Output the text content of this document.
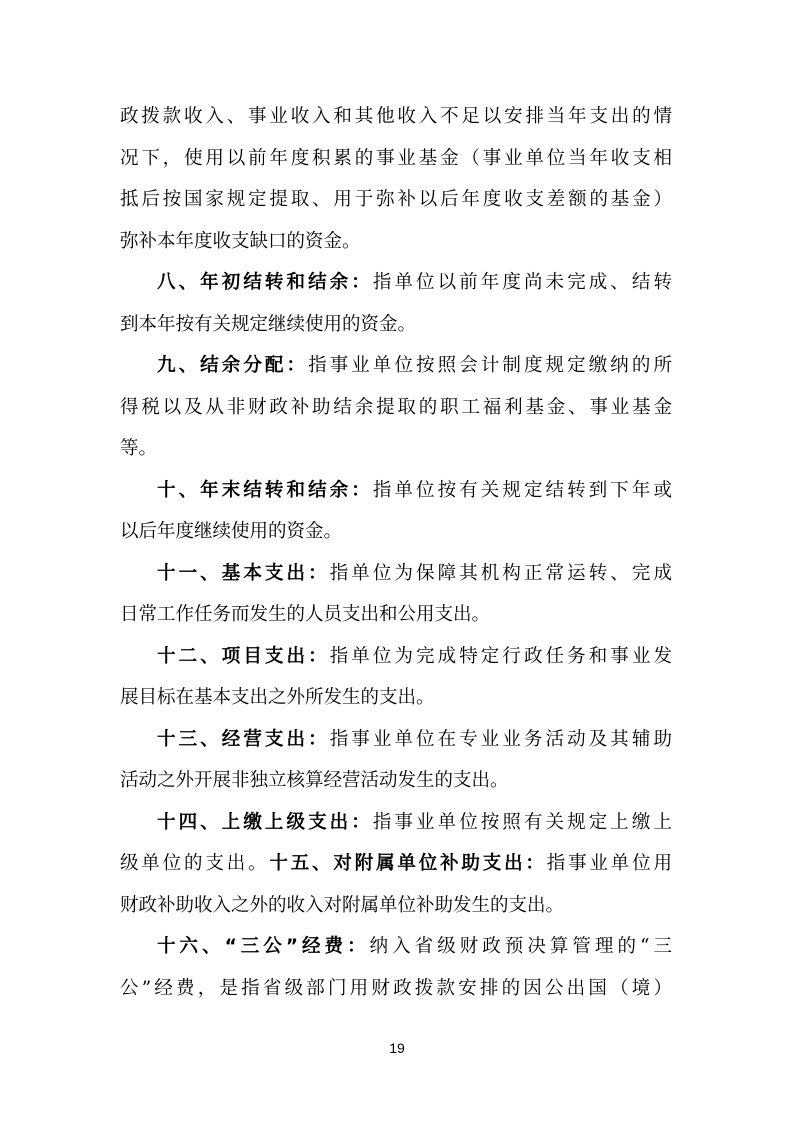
政拨款收入、事业收入和其他收入不足以安排当年支出的情
况下，使用以前年度积累的事业基金（事业单位当年收支相
抵后按国家规定提取、用于弥补以后年度收支差额的基金）
弥补本年度收支缺口的资金。
八、年初结转和结余：指单位以前年度尚未完成、结转
到本年按有关规定继续使用的资金。
九、结余分配：指事业单位按照会计制度规定缴纳的所
得税以及从非财政补助结余提取的职工福利基金、事业基金
等。
十、年末结转和结余：指单位按有关规定结转到下年或
以后年度继续使用的资金。
十一、基本支出：指单位为保障其机构正常运转、完成
日常工作任务而发生的人员支出和公用支出。
十二、项目支出：指单位为完成特定行政任务和事业发
展目标在基本支出之外所发生的支出。
十三、经营支出：指事业单位在专业业务活动及其辅助
活动之外开展非独立核算经营活动发生的支出。
十四、上缴上级支出：指事业单位按照有关规定上缴上
级单位的支出。十五、对附属单位补助支出：指事业单位用
财政补助收入之外的收入对附属单位补助发生的支出。
十六、“三公”经费：纳入省级财政预决算管理的“三
公”经费，是指省级部门用财政拨款安排的因公出国（境）
19
